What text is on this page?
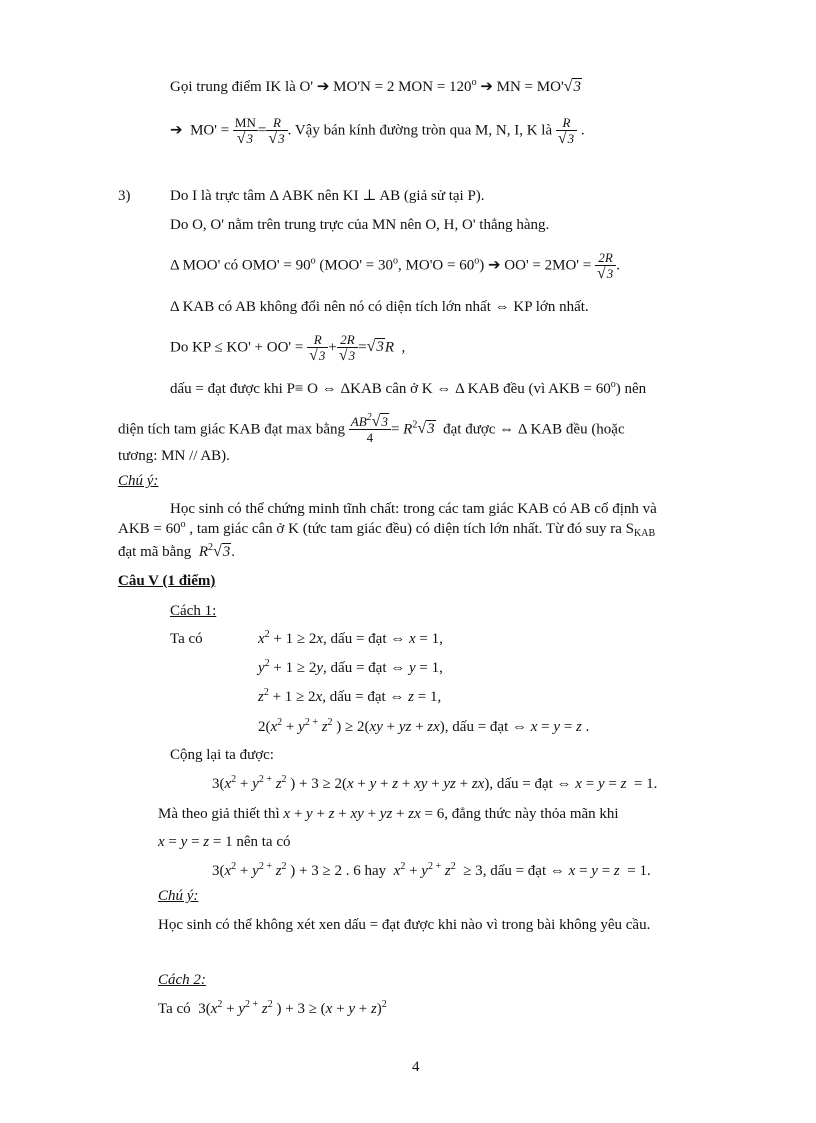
Gọi trung điểm IK là O' ➔ MO'N = 2 MON = $120^o$ ➔ MN = MO'√3
➔ $MO' = \frac{MN}{√3} = \frac{R}{√3}$ . Vậy bán kính đường tròn qua M, N, I, K là $\frac{R}{√3}$ .
3)	Do I là trực tâm Δ ABK nên KI ⊥ AB (giả sử tại P).
Do O, O' nằm trên trung trực của MN nên O, H, O' thẳng hàng.
Δ MOO' có $OMO' = 90^o$ ($MOO' = 30^o$, $MO'O = 60^o$) ➔ $OO' = 2MO' = \frac{2R}{√3}$ .
Δ KAB có AB không đổi nên nó có diện tích lớn nhất ⇔ KP lớn nhất.
Do KP ≤ $KO' + OO' = \frac{R}{√3} + \frac{2R}{√3} =√3R$  ,
dấu = đạt được khi P≡ O ⇔ ΔKAB cân ở K ⇔ Δ KAB đều (vì AKB = $60^o$) nên
diện tích tam giác KAB đạt max bằng $\frac{AB^2√3}{4} = R^2√3$ đạt được ⇔ Δ KAB đều (hoặc
tương: MN // AB).
Chú ý:
Học sinh có thể chứng minh tĩnh chất: trong các tam giác KAB có AB cố định và
AKB = $60^o$ , tam giác cân ở K (tức tam giác đều) có diện tích lớn nhất. Từ đó suy ra $S_{KAB}$
đạt mã bằng $R^2√3$.
Câu V (1 điểm)
Cách 1:
Ta có	$x^2 + 1 \ge 2x$, dấu = đạt ⇔ x = 1,
$y^2 + 1 \ge 2y$, dấu = đạt ⇔ y = 1,
$z^2 + 1 \ge 2x$, dấu = đạt ⇔ z = 1,
$2(x^2 + y^{2 +}$ $z^2$ ) ≥ 2(xy + yz + zx), dấu = đạt ⇔ x = y = z .
Cộng lại ta được:
$3(x^2 + y^{2 +}$ $z^2$ ) + 3 ≥ 2(x + y + z + xy + yz + zx), dấu = đạt ⇔ x = y = z  = 1.
Mà theo giả thiết thì x + y + z + xy + yz + zx = 6, đẳng thức này thỏa mãn khi
x = y = z = 1 nên ta có
$3(x^2 + y^{2 +}$ $z^2$ ) + 3 ≥ 2 . 6 hay $x^2 + y^{2 +}$ $z^2 \ge 3$, dấu = đạt ⇔ x = y = z  = 1.
Chú ý:
Học sinh có thể không xét xen dấu = đạt được khi nào vì trong bài không yêu cầu.
Cách 2:
Ta có  $3(x^2 + y^{2 +}$ $z^2$ ) + $3 \ge (x + y + z)^2$
4
